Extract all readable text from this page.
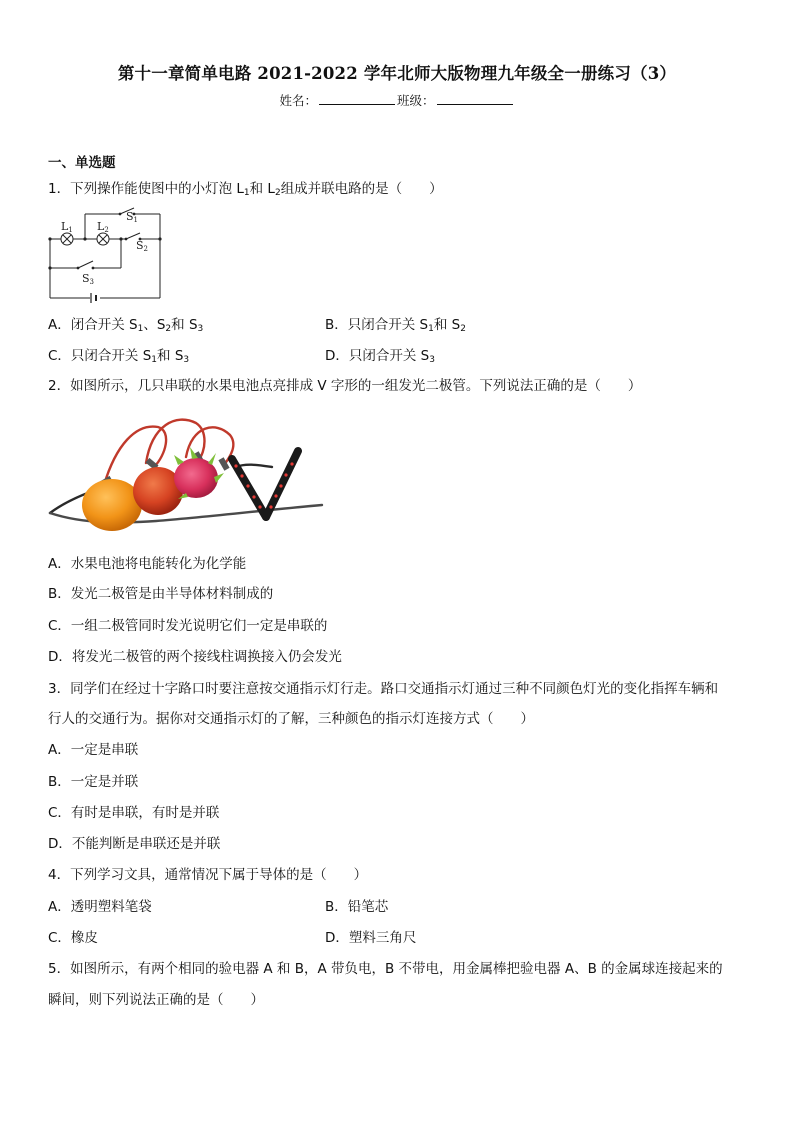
第十一章简单电路 2021-2022 学年北师大版物理九年级全一册练习（3）
姓名：	班级：
一、单选题
1．下列操作能使图中的小灯泡 $L_1$和 $L_2$组成并联电路的是（　　）
L1 L2
S1
S2
S3
A．闭合开关 $S_1$、$S_2$和 $S_3$	B．只闭合开关 $S_1$和 $S_2$
C．只闭合开关 $S_1$和 $S_3$	D．只闭合开关 $S_3$
2．如图所示，几只串联的水果电池点亮排成 V 字形的一组发光二极管。下列说法正确的是（　　）
A．水果电池将电能转化为化学能
B．发光二极管是由半导体材料制成的
C．一组二极管同时发光说明它们一定是串联的
D．将发光二极管的两个接线柱调换接入仍会发光
3．同学们在经过十字路口时要注意按交通指示灯行走。路口交通指示灯通过三种不同颜色灯光的变化指挥车辆和
行人的交通行为。据你对交通指示灯的了解，三种颜色的指示灯连接方式（　　）
A．一定是串联
B．一定是并联
C．有时是串联，有时是并联
D．不能判断是串联还是并联
4．下列学习文具，通常情况下属于导体的是（　　）
A．透明塑料笔袋	B．铅笔芯
C．橡皮	D．塑料三角尺
5．如图所示，有两个相同的验电器 A 和 B，A 带负电，B 不带电，用金属棒把验电器 A、B 的金属球连接起来的
瞬间，则下列说法正确的是（　　）
